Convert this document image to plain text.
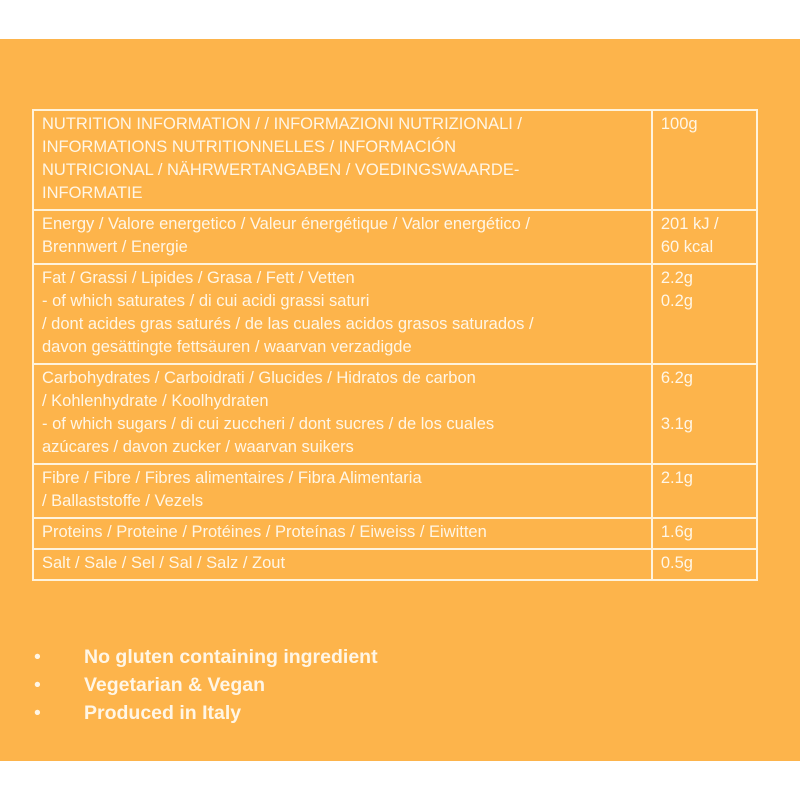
NUTRITION INFORMATION / / INFORMAZIONI NUTRIZIONALI /
INFORMATIONS NUTRITIONNELLES / INFORMACIÓN
NUTRICIONAL / NÄHRWERTANGABEN / VOEDINGSWAARDE-
INFORMATIE	100g

Energy / Valore energetico / Valeur énergétique / Valor energético /
Brennwert / Energie	201 kJ /
60 kcal

Fat / Grassi / Lipides / Grasa / Fett / Vetten
- of which saturates / di cui acidi grassi saturi
/ dont acides gras saturés / de las cuales acidos grasos saturados /
davon gesättingte fettsäuren / waarvan verzadigde	2.2g
0.2g

Carbohydrates / Carboidrati / Glucides / Hidratos de carbon
/ Kohlenhydrate / Koolhydraten
- of which sugars / di cui zuccheri / dont sucres / de los cuales
azúcares / davon zucker / waarvan suikers	6.2g
3.1g

Fibre / Fibre / Fibres alimentaires / Fibra Alimentaria
/ Ballaststoffe / Vezels	2.1g

Proteins / Proteine / Protéines / Proteínas / Eiweiss / Eiwitten	1.6g

Salt / Sale / Sel / Sal / Salz / Zout	0.5g
•	No gluten containing ingredient
•	Vegetarian & Vegan
•	Produced in Italy
